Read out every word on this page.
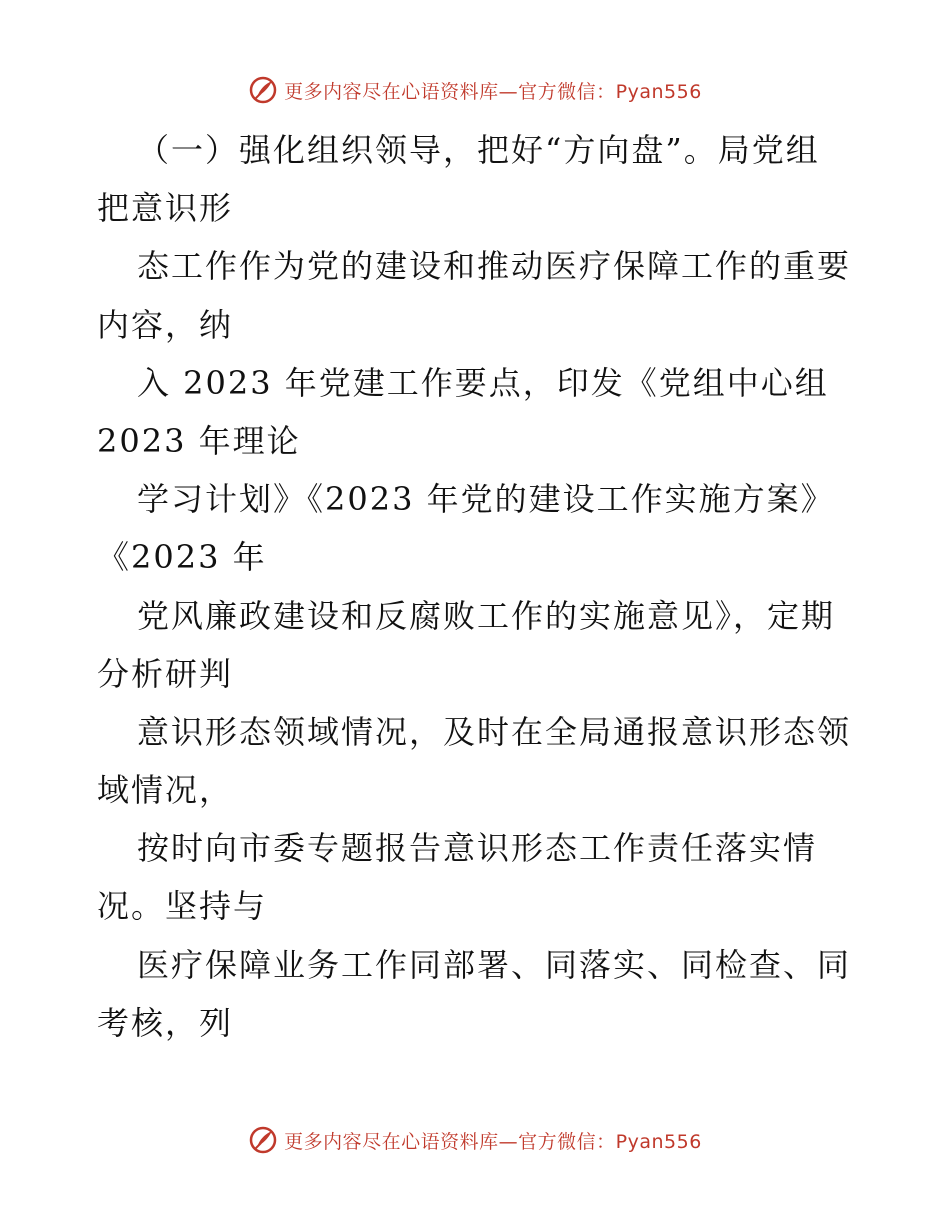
更多内容尽在心语资料库—官方微信：Pyan556
（一）强化组织领导，把好“方向盘”。局党组
把意识形
态工作作为党的建设和推动医疗保障工作的重要
内容，纳
入 2023 年党建工作要点，印发《党组中心组
2023 年理论
学习计划》《2023 年党的建设工作实施方案》
《2023 年
党风廉政建设和反腐败工作的实施意见》，定期
分析研判
意识形态领域情况，及时在全局通报意识形态领
域情况，
按时向市委专题报告意识形态工作责任落实情
况。坚持与
医疗保障业务工作同部署、同落实、同检查、同
考核，列
更多内容尽在心语资料库—官方微信：Pyan556
